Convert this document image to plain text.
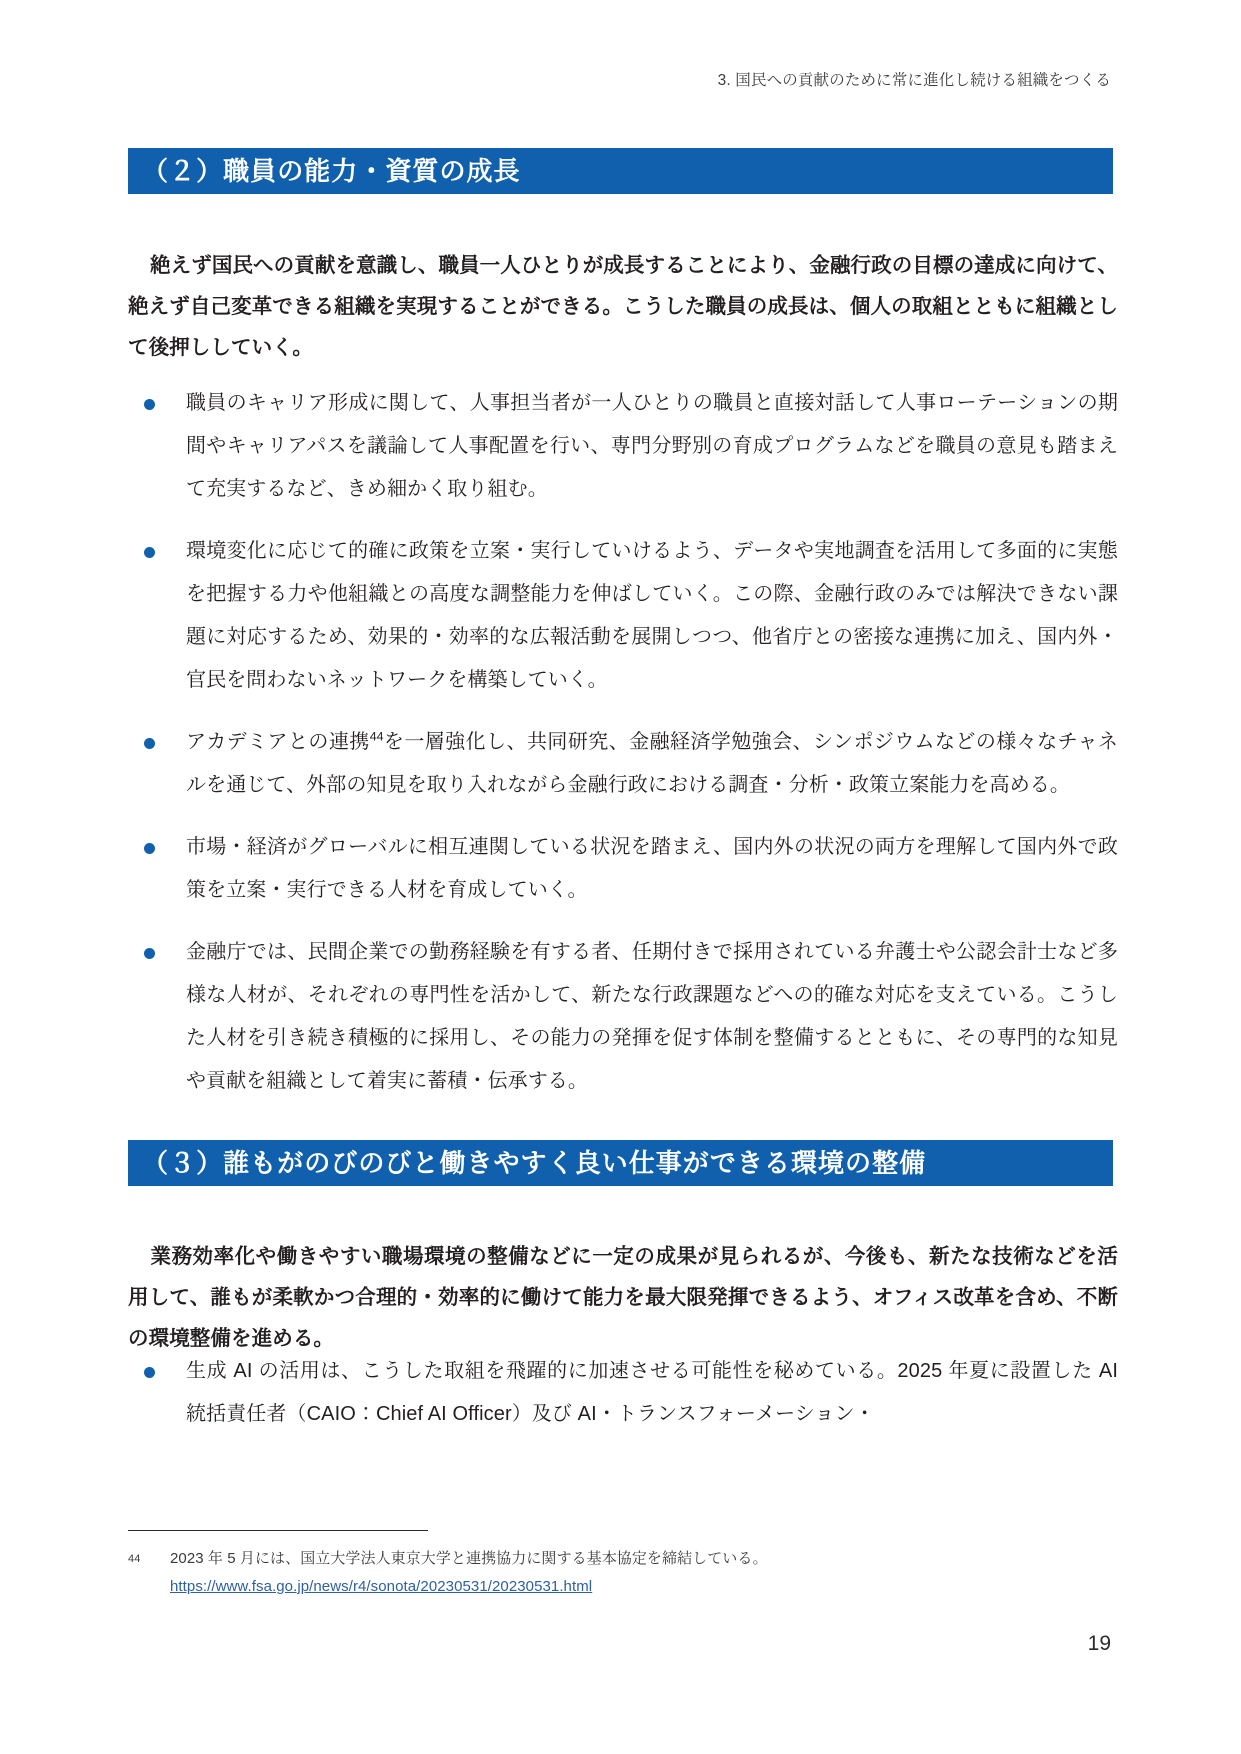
3. 国民への貢献のために常に進化し続ける組織をつくる
（２）職員の能力・資質の成長

絶えず国民への貢献を意識し、職員一人ひとりが成長することにより、金融行政の目標の達成に向けて、絶えず自己変革できる組織を実現することができる。こうした職員の成長は、個人の取組とともに組織として後押ししていく。

職員のキャリア形成に関して、人事担当者が一人ひとりの職員と直接対話して人事ローテーションの期間やキャリアパスを議論して人事配置を行い、専門分野別の育成プログラムなどを職員の意見も踏まえて充実するなど、きめ細かく取り組む。
環境変化に応じて的確に政策を立案・実行していけるよう、データや実地調査を活用して多面的に実態を把握する力や他組織との高度な調整能力を伸ばしていく。この際、金融行政のみでは解決できない課題に対応するため、効果的・効率的な広報活動を展開しつつ、他省庁との密接な連携に加え、国内外・官民を問わないネットワークを構築していく。
アカデミアとの連携$^{44}$を一層強化し、共同研究、金融経済学勉強会、シンポジウムなどの様々なチャネルを通じて、外部の知見を取り入れながら金融行政における調査・分析・政策立案能力を高める。
市場・経済がグローバルに相互連関している状況を踏まえ、国内外の状況の両方を理解して国内外で政策を立案・実行できる人材を育成していく。
金融庁では、民間企業での勤務経験を有する者、任期付きで採用されている弁護士や公認会計士など多様な人材が、それぞれの専門性を活かして、新たな行政課題などへの的確な対応を支えている。こうした人材を引き続き積極的に採用し、その能力の発揮を促す体制を整備するとともに、その専門的な知見や貢献を組織として着実に蓄積・伝承する。
（３）誰もがのびのびと働きやすく良い仕事ができる環境の整備

業務効率化や働きやすい職場環境の整備などに一定の成果が見られるが、今後も、新たな技術などを活用して、誰もが柔軟かつ合理的・効率的に働けて能力を最大限発揮できるよう、オフィス改革を含め、不断の環境整備を進める。

生成 AI の活用は、こうした取組を飛躍的に加速させる可能性を秘めている。2025 年夏に設置した AI 統括責任者（CAIO：Chief AI Officer）及び AI・トランスフォーメーション・
44 2023 年 5 月には、国立大学法人東京大学と連携協力に関する基本協定を締結している。
https://www.fsa.go.jp/news/r4/sonota/20230531/20230531.html
19
